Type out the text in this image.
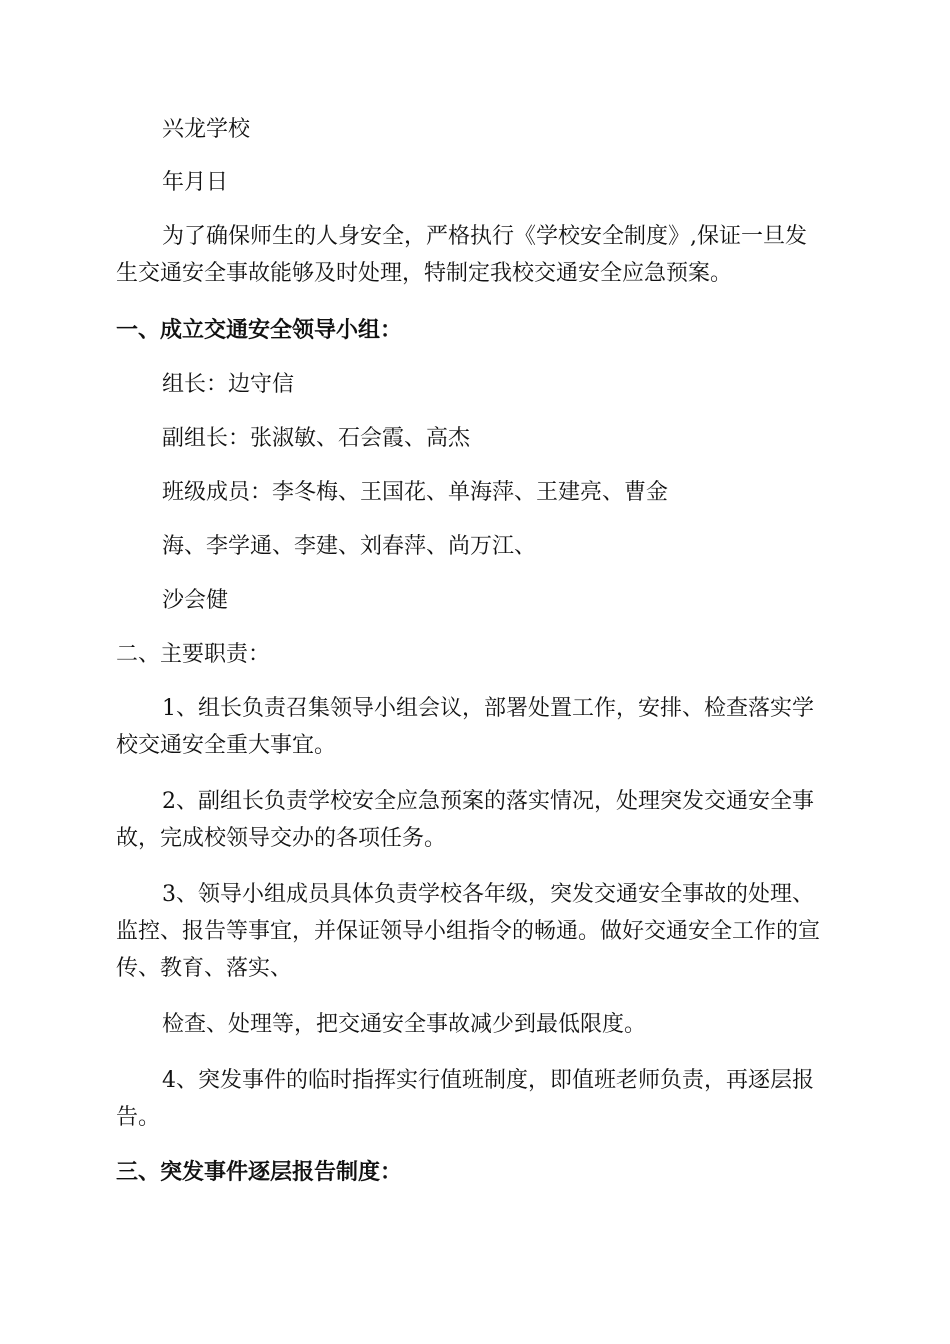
兴龙学校
年月日
为了确保师生的人身安全，严格执行《学校安全制度》,保证一旦发
生交通安全事故能够及时处理，特制定我校交通安全应急预案。
一、成立交通安全领导小组：
组长：边守信
副组长：张淑敏、石会霞、高杰
班级成员：李冬梅、王国花、单海萍、王建亮、曹金
海、李学通、李建、刘春萍、尚万江、
沙会健
二、主要职责：
1、组长负责召集领导小组会议，部署处置工作，安排、检查落实学
校交通安全重大事宜。
2、副组长负责学校安全应急预案的落实情况，处理突发交通安全事
故，完成校领导交办的各项任务。
3、领导小组成员具体负责学校各年级，突发交通安全事故的处理、
监控、报告等事宜，并保证领导小组指令的畅通。做好交通安全工作的宣
传、教育、落实、
检查、处理等，把交通安全事故减少到最低限度。
4、突发事件的临时指挥实行值班制度，即值班老师负责，再逐层报
告。
三、突发事件逐层报告制度：
